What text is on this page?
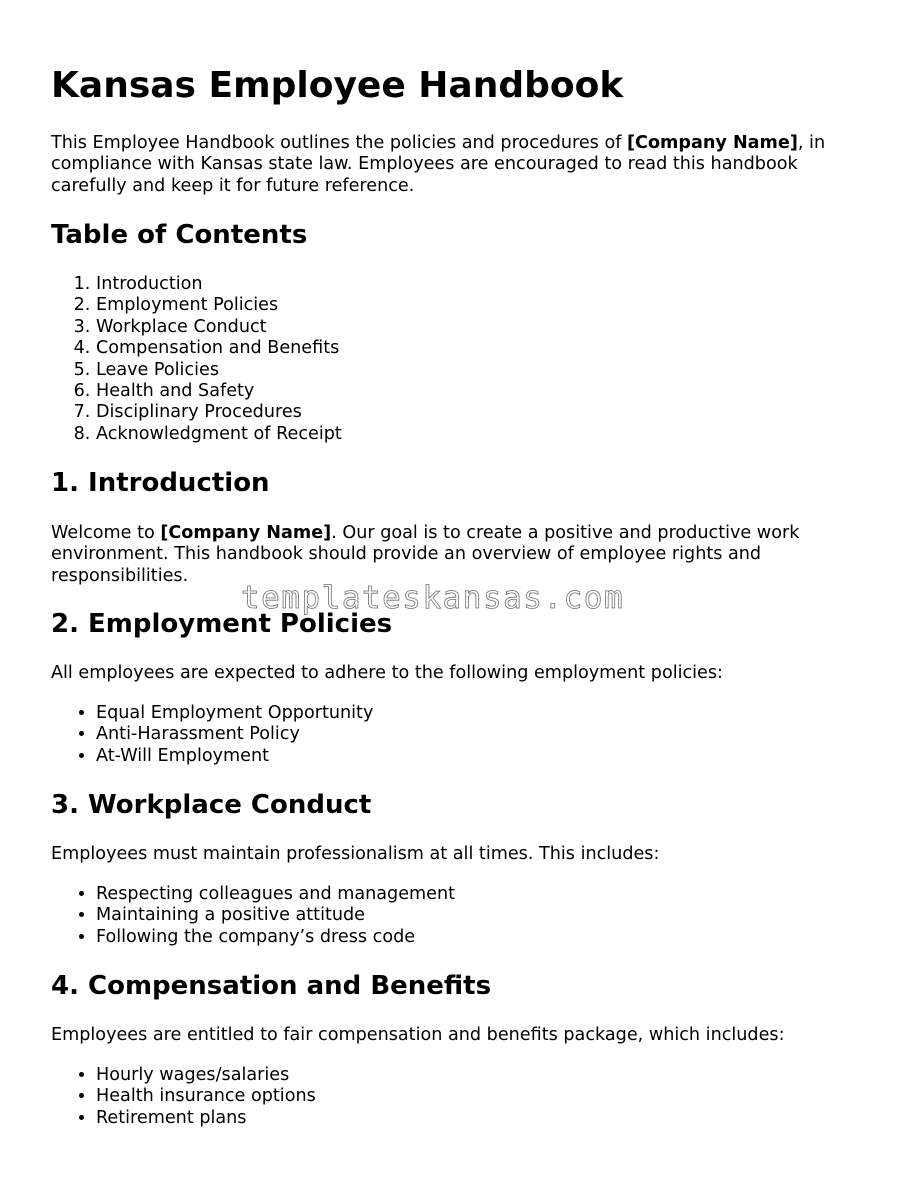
Kansas Employee Handbook

This Employee Handbook outlines the policies and procedures of [Company Name], in compliance with Kansas state law. Employees are encouraged to read this handbook carefully and keep it for future reference.

Table of Contents
1. Introduction
2. Employment Policies
3. Workplace Conduct
4. Compensation and Benefits
5. Leave Policies
6. Health and Safety
7. Disciplinary Procedures
8. Acknowledgment of Receipt
1. Introduction

Welcome to [Company Name]. Our goal is to create a positive and productive work environment. This handbook should provide an overview of employee rights and responsibilities.

2. Employment Policies

All employees are expected to adhere to the following employment policies:

• Equal Employment Opportunity
• Anti-Harassment Policy
• At-Will Employment
3. Workplace Conduct

Employees must maintain professionalism at all times. This includes:

• Respecting colleagues and management
• Maintaining a positive attitude
• Following the company’s dress code
4. Compensation and Benefits

Employees are entitled to fair compensation and benefits package, which includes:

• Hourly wages/salaries
• Health insurance options
• Retirement plans
templateskansas.com
